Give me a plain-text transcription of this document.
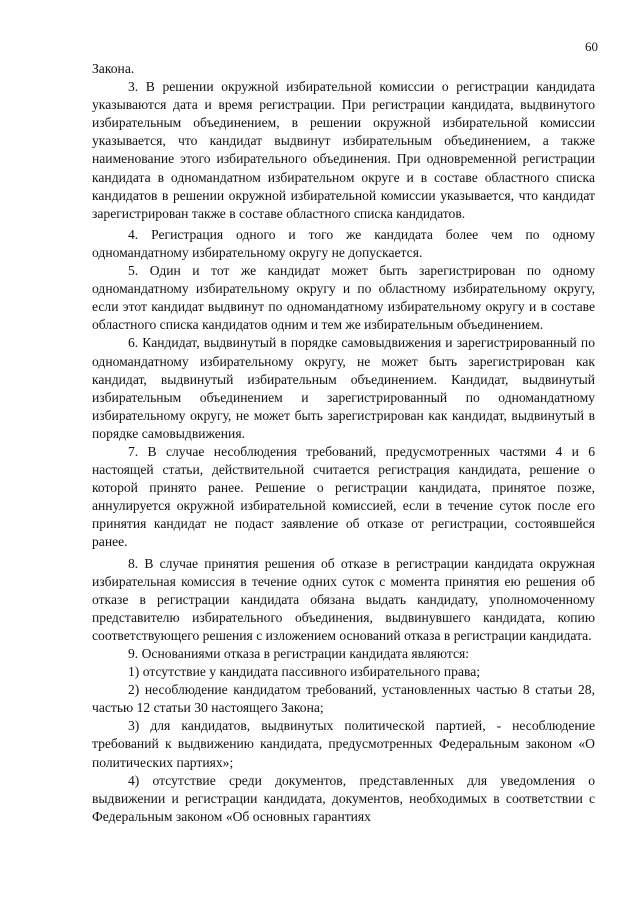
60

Закона.

3. В решении окружной избирательной комиссии о регистрации кандидата указываются дата и время регистрации. При регистрации кандидата, выдвинутого избирательным объединением, в решении окружной избирательной комиссии указывается, что кандидат выдвинут избирательным объединением, а также наименование этого избирательного объединения. При одновременной регистрации кандидата в одномандатном избирательном округе и в составе областного списка кандидатов в решении окружной избирательной комиссии указывается, что кандидат зарегистрирован также в составе областного списка кандидатов.

4. Регистрация одного и того же кандидата более чем по одному одномандатному избирательному округу не допускается.

5. Один и тот же кандидат может быть зарегистрирован по одному одномандатному избирательному округу и по областному избирательному округу, если этот кандидат выдвинут по одномандатному избирательному округу и в составе областного списка кандидатов одним и тем же избирательным объединением.

6. Кандидат, выдвинутый в порядке самовыдвижения и зарегистрированный по одномандатному избирательному округу, не может быть зарегистрирован как кандидат, выдвинутый избирательным объединением. Кандидат, выдвинутый избирательным объединением и зарегистрированный по одномандатному избирательному округу, не может быть зарегистрирован как кандидат, выдвинутый в порядке самовыдвижения.

7. В случае несоблюдения требований, предусмотренных частями 4 и 6 настоящей статьи, действительной считается регистрация кандидата, решение о которой принято ранее. Решение о регистрации кандидата, принятое позже, аннулируется окружной избирательной комиссией, если в течение суток после его принятия кандидат не подаст заявление об отказе от регистрации, состоявшейся ранее.

8. В случае принятия решения об отказе в регистрации кандидата окружная избирательная комиссия в течение одних суток с момента принятия ею решения об отказе в регистрации кандидата обязана выдать кандидату, уполномоченному представителю избирательного объединения, выдвинувшего кандидата, копию соответствующего решения с изложением оснований отказа в регистрации кандидата.

9. Основаниями отказа в регистрации кандидата являются:

1) отсутствие у кандидата пассивного избирательного права;

2) несоблюдение кандидатом требований, установленных частью 8 статьи 28, частью 12 статьи 30 настоящего Закона;

3) для кандидатов, выдвинутых политической партией, - несоблюдение требований к выдвижению кандидата, предусмотренных Федеральным законом «О политических партиях»;

4) отсутствие среди документов, представленных для уведомления о выдвижении и регистрации кандидата, документов, необходимых в соответствии с Федеральным законом «Об основных гарантиях
